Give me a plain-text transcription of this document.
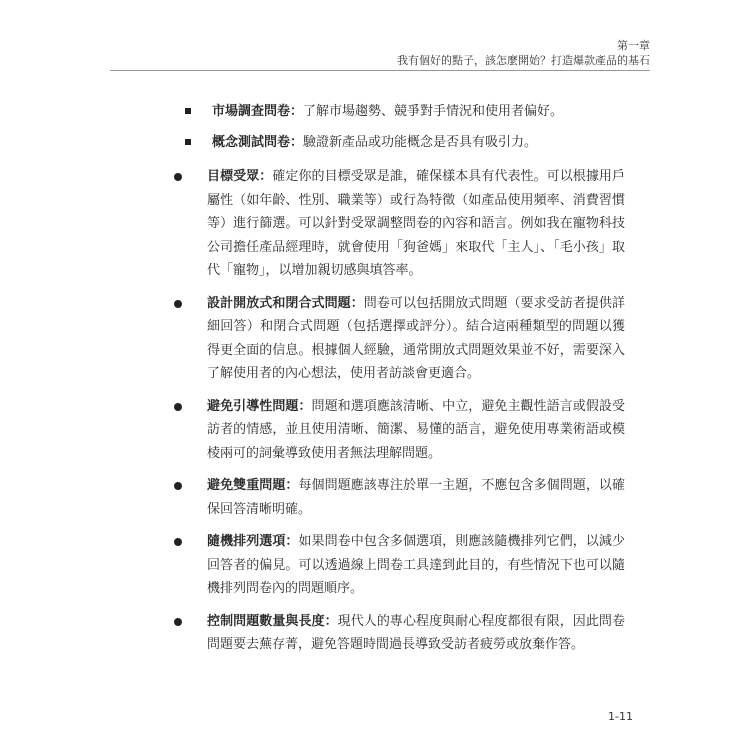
第一章
我有個好的點子，該怎麼開始？打造爆款產品的基石
市場調查問卷：了解市場趨勢、競爭對手情況和使用者偏好。
概念測試問卷：驗證新產品或功能概念是否具有吸引力。
目標受眾：確定你的目標受眾是誰，確保樣本具有代表性。可以根據用戶屬性（如年齡、性別、職業等）或行為特徵（如產品使用頻率、消費習慣等）進行篩選。可以針對受眾調整問卷的內容和語言。例如我在寵物科技公司擔任產品經理時，就會使用「狗爸媽」來取代「主人」、「毛小孩」取代「寵物」，以增加親切感與填答率。
設計開放式和閉合式問題：問卷可以包括開放式問題（要求受訪者提供詳細回答）和閉合式問題（包括選擇或評分）。結合這兩種類型的問題以獲得更全面的信息。根據個人經驗，通常開放式問題效果並不好，需要深入了解使用者的內心想法，使用者訪談會更適合。
避免引導性問題：問題和選項應該清晰、中立，避免主觀性語言或假設受訪者的情感，並且使用清晰、簡潔、易懂的語言，避免使用專業術語或模棱兩可的詞彙導致使用者無法理解問題。
避免雙重問題：每個問題應該專注於單一主題，不應包含多個問題，以確保回答清晰明確。
隨機排列選項：如果問卷中包含多個選項，則應該隨機排列它們，以減少回答者的偏見。可以透過線上問卷工具達到此目的，有些情況下也可以隨機排列問卷內的問題順序。
控制問題數量與長度：現代人的專心程度與耐心程度都很有限，因此問卷問題要去蕪存菁，避免答題時間過長導致受訪者疲勞或放棄作答。
1-11
